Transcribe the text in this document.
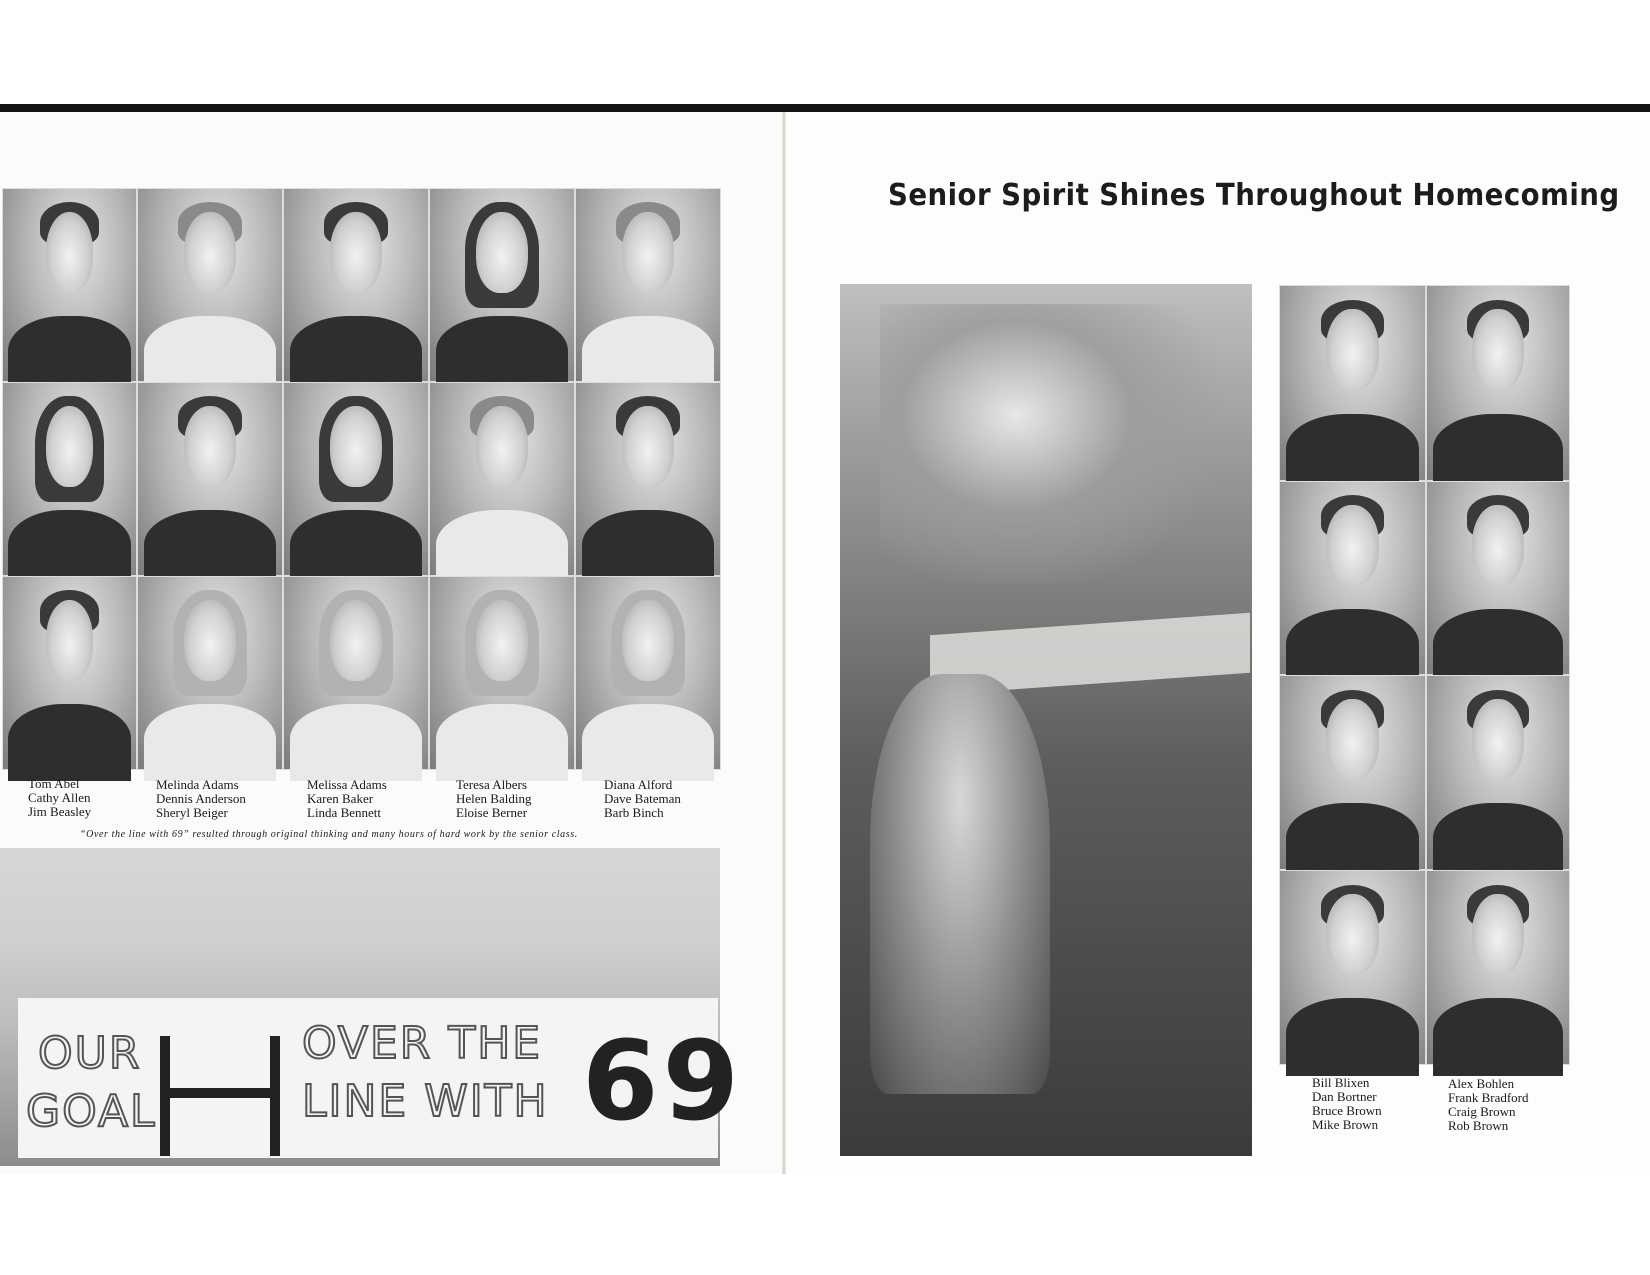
Tom Abel
Cathy Allen
Jim Beasley
Melinda Adams
Dennis Anderson
Sheryl Beiger
Melissa Adams
Karen Baker
Linda Bennett
Teresa Albers
Helen Balding
Eloise Berner
Diana Alford
Dave Bateman
Barb Binch
“Over the line with 69” resulted through original thinking and many hours of hard work by the senior class.
OUR
GOAL
OVER THE
LINE WITH 69
Senior Spirit Shines Throughout Homecoming
Bill Blixen
Dan Bortner
Bruce Brown
Mike Brown
Alex Bohlen
Frank Bradford
Craig Brown
Rob Brown
